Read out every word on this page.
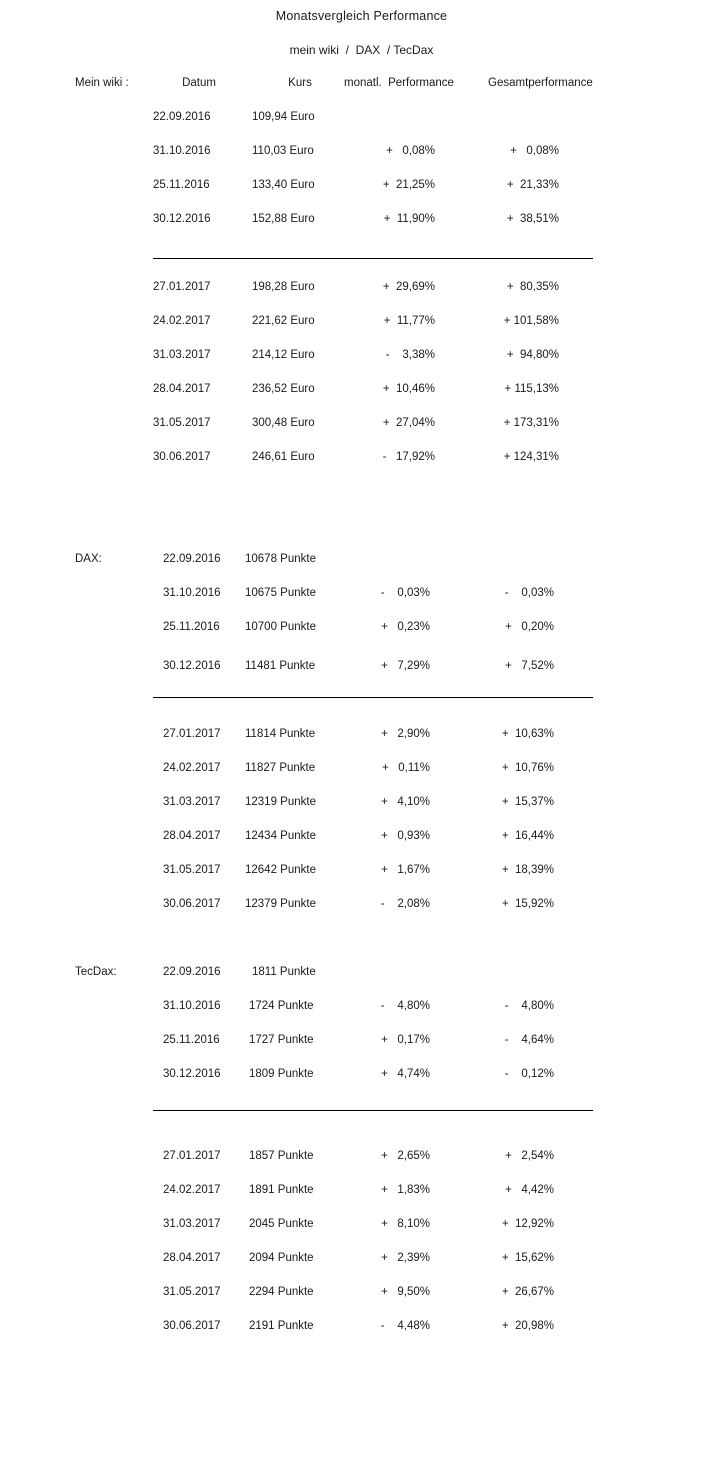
Monatsvergleich Performance
mein wiki  /  DAX  / TecDax
Mein wiki :	Datum	Kurs	monatl.  Performance	Gesamtperformance
22.09.2016	109,94 Euro
31.10.2016	110,03 Euro	+   0,08%	+   0,08%
25.11.2016	133,40 Euro	+  21,25%	+  21,33%
30.12.2016	152,88 Euro	+  11,90%	+  38,51%
27.01.2017	198,28 Euro	+  29,69%	+  80,35%
24.02.2017	221,62 Euro	+  11,77%	+ 101,58%
31.03.2017	214,12 Euro	-    3,38%	+  94,80%
28.04.2017	236,52 Euro	+  10,46%	+ 115,13%
31.05.2017	300,48 Euro	+  27,04%	+ 173,31%
30.06.2017	246,61 Euro	-   17,92%	+ 124,31%
DAX:	22.09.2016	10678 Punkte
31.10.2016	10675 Punkte	-    0,03%	-    0,03%
25.11.2016	10700 Punkte	+   0,23%	+   0,20%
30.12.2016	11481 Punkte	+   7,29%	+   7,52%
27.01.2017	11814 Punkte	+   2,90%	+  10,63%
24.02.2017	11827 Punkte	+   0,11%	+  10,76%
31.03.2017	12319 Punkte	+   4,10%	+  15,37%
28.04.2017	12434 Punkte	+   0,93%	+  16,44%
31.05.2017	12642 Punkte	+   1,67%	+  18,39%
30.06.2017	12379 Punkte	-    2,08%	+  15,92%
TecDax:	22.09.2016	1811 Punkte
31.10.2016	1724 Punkte	-    4,80%	-    4,80%
25.11.2016	1727 Punkte	+   0,17%	-    4,64%
30.12.2016	1809 Punkte	+   4,74%	-    0,12%
27.01.2017	1857 Punkte	+   2,65%	+   2,54%
24.02.2017	1891 Punkte	+   1,83%	+   4,42%
31.03.2017	2045 Punkte	+   8,10%	+  12,92%
28.04.2017	2094 Punkte	+   2,39%	+  15,62%
31.05.2017	2294 Punkte	+   9,50%	+  26,67%
30.06.2017	2191 Punkte	-    4,48%	+  20,98%
